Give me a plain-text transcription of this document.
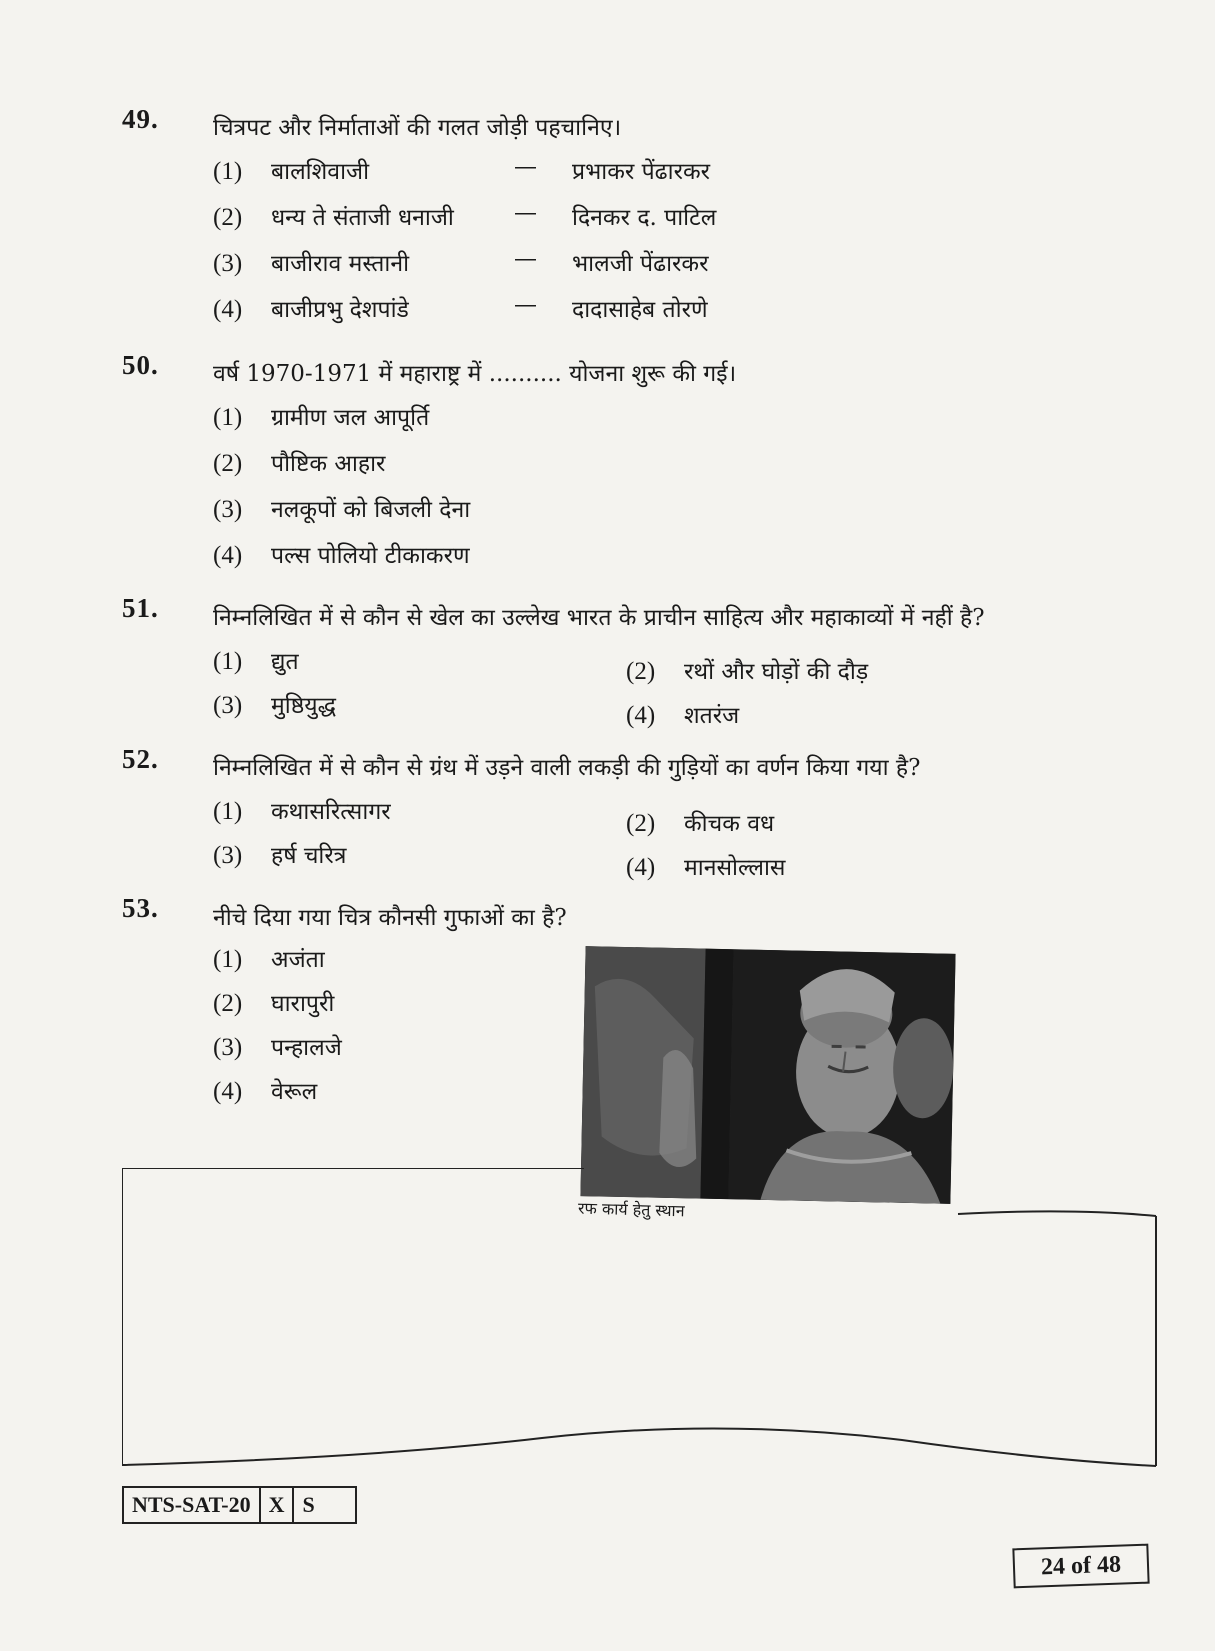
49. चित्रपट और निर्माताओं की गलत जोड़ी पहचानिए।
(1) बालशिवाजी	— प्रभाकर पेंढारकर
(2) धन्य ते संताजी धनाजी	— दिनकर द. पाटिल
(3) बाजीराव मस्तानी	— भालजी पेंढारकर
(4) बाजीप्रभु देशपांडे	— दादासाहेब तोरणे
50. वर्ष 1970-1971 में महाराष्ट्र में .......... योजना शुरू की गई।
(1) ग्रामीण जल आपूर्ति
(2) पौष्टिक आहार
(3) नलकूपों को बिजली देना
(4) पल्स पोलियो टीकाकरण
51. निम्नलिखित में से कौन से खेल का उल्लेख भारत के प्राचीन साहित्य और महाकाव्यों में नहीं है?
(1) द्युत	(2) रथों और घोड़ों की दौड़
(3) मुष्ठियुद्ध	(4) शतरंज
52. निम्नलिखित में से कौन से ग्रंथ में उड़ने वाली लकड़ी की गुड़ियों का वर्णन किया गया है?
(1) कथासरित्सागर	(2) कीचक वध
(3) हर्ष चरित्र	(4) मानसोल्लास
53. नीचे दिया गया चित्र कौनसी गुफाओं का है?
(1) अजंता
(2) घारापुरी
(3) पन्हालजे
(4) वेरूल
रफ कार्य हेतु स्थान
NTS-SAT-20 X S
24 of 48
